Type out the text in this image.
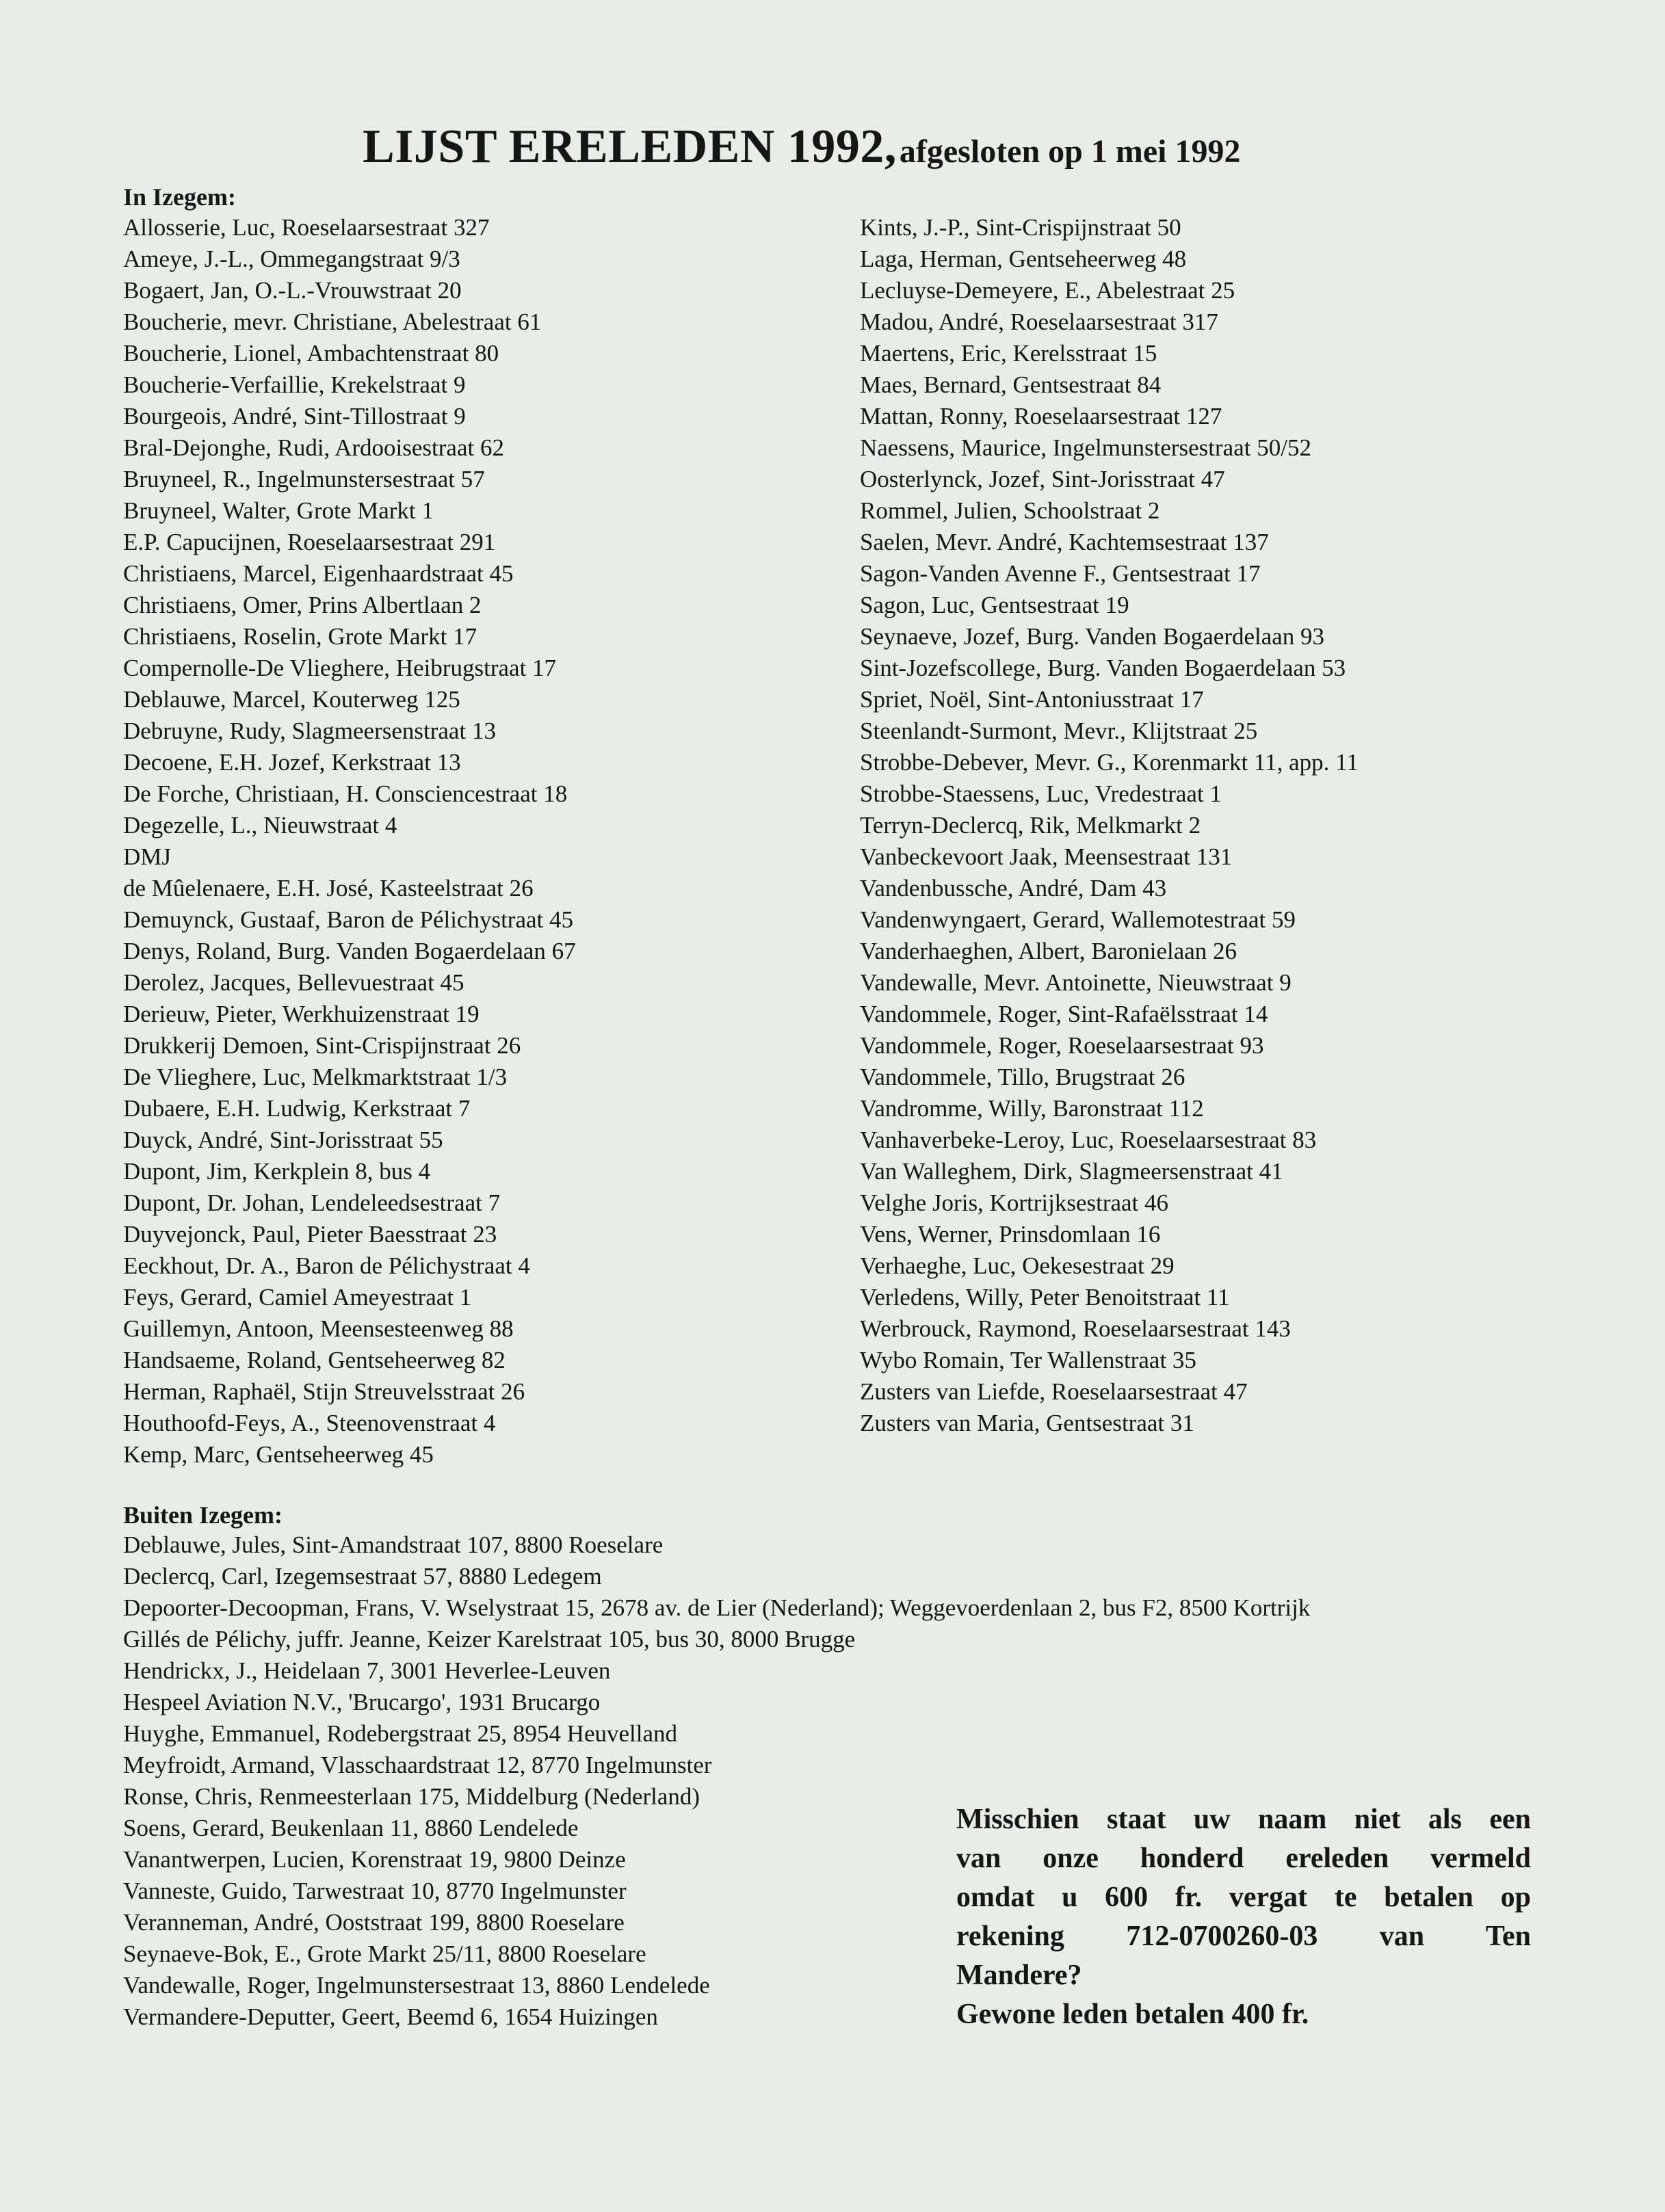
LIJST ERELEDEN 1992, afgesloten op 1 mei 1992
In Izegem:
Allosserie, Luc, Roeselaarsestraat 327
Ameye, J.-L., Ommegangstraat 9/3
Bogaert, Jan, O.-L.-Vrouwstraat 20
Boucherie, mevr. Christiane, Abelestraat 61
Boucherie, Lionel, Ambachtenstraat 80
Boucherie-Verfaillie, Krekelstraat 9
Bourgeois, André, Sint-Tillostraat 9
Bral-Dejonghe, Rudi, Ardooisestraat 62
Bruyneel, R., Ingelmunstersestraat 57
Bruyneel, Walter, Grote Markt 1
E.P. Capucijnen, Roeselaarsestraat 291
Christiaens, Marcel, Eigenhaardstraat 45
Christiaens, Omer, Prins Albertlaan 2
Christiaens, Roselin, Grote Markt 17
Compernolle-De Vlieghere, Heibrugstraat 17
Deblauwe, Marcel, Kouterweg 125
Debruyne, Rudy, Slagmeersenstraat 13
Decoene, E.H. Jozef, Kerkstraat 13
De Forche, Christiaan, H. Consciencestraat 18
Degezelle, L., Nieuwstraat 4
DMJ
de Mûelenaere, E.H. José, Kasteelstraat 26
Demuynck, Gustaaf, Baron de Pélichystraat 45
Denys, Roland, Burg. Vanden Bogaerdelaan 67
Derolez, Jacques, Bellevuestraat 45
Derieuw, Pieter, Werkhuizenstraat 19
Drukkerij Demoen, Sint-Crispijnstraat 26
De Vlieghere, Luc, Melkmarktstraat 1/3
Dubaere, E.H. Ludwig, Kerkstraat 7
Duyck, André, Sint-Jorisstraat 55
Dupont, Jim, Kerkplein 8, bus 4
Dupont, Dr. Johan, Lendeleedsestraat 7
Duyvejonck, Paul, Pieter Baesstraat 23
Eeckhout, Dr. A., Baron de Pélichystraat 4
Feys, Gerard, Camiel Ameyestraat 1
Guillemyn, Antoon, Meensesteenweg 88
Handsaeme, Roland, Gentseheerweg 82
Herman, Raphaël, Stijn Streuvelsstraat 26
Houthoofd-Feys, A., Steenovenstraat 4
Kemp, Marc, Gentseheerweg 45
Kints, J.-P., Sint-Crispijnstraat 50
Laga, Herman, Gentseheerweg 48
Lecluyse-Demeyere, E., Abelestraat 25
Madou, André, Roeselaarsestraat 317
Maertens, Eric, Kerelsstraat 15
Maes, Bernard, Gentsestraat 84
Mattan, Ronny, Roeselaarsestraat 127
Naessens, Maurice, Ingelmunstersestraat 50/52
Oosterlynck, Jozef, Sint-Jorisstraat 47
Rommel, Julien, Schoolstraat 2
Saelen, Mevr. André, Kachtemsestraat 137
Sagon-Vanden Avenne F., Gentsestraat 17
Sagon, Luc, Gentsestraat 19
Seynaeve, Jozef, Burg. Vanden Bogaerdelaan 93
Sint-Jozefscollege, Burg. Vanden Bogaerdelaan 53
Spriet, Noël, Sint-Antoniusstraat 17
Steenlandt-Surmont, Mevr., Klijtstraat 25
Strobbe-Debever, Mevr. G., Korenmarkt 11, app. 11
Strobbe-Staessens, Luc, Vredestraat 1
Terryn-Declercq, Rik, Melkmarkt 2
Vanbeckevoort Jaak, Meensestraat 131
Vandenbussche, André, Dam 43
Vandenwyngaert, Gerard, Wallemotestraat 59
Vanderhaeghen, Albert, Baronielaan 26
Vandewalle, Mevr. Antoinette, Nieuwstraat 9
Vandommele, Roger, Sint-Rafaëlsstraat 14
Vandommele, Roger, Roeselaarsestraat 93
Vandommele, Tillo, Brugstraat 26
Vandromme, Willy, Baronstraat 112
Vanhaverbeke-Leroy, Luc, Roeselaarsestraat 83
Van Walleghem, Dirk, Slagmeersenstraat 41
Velghe Joris, Kortrijksestraat 46
Vens, Werner, Prinsdomlaan 16
Verhaeghe, Luc, Oekesestraat 29
Verledens, Willy, Peter Benoitstraat 11
Werbrouck, Raymond, Roeselaarsestraat 143
Wybo Romain, Ter Wallenstraat 35
Zusters van Liefde, Roeselaarsestraat 47
Zusters van Maria, Gentsestraat 31
Buiten Izegem:
Deblauwe, Jules, Sint-Amandstraat 107, 8800 Roeselare
Declercq, Carl, Izegemsestraat 57, 8880 Ledegem
Depoorter-Decoopman, Frans, V. Wselystraat 15, 2678 av. de Lier (Nederland); Weggevoerdenlaan 2, bus F2, 8500 Kortrijk
Gillés de Pélichy, juffr. Jeanne, Keizer Karelstraat 105, bus 30, 8000 Brugge
Hendrickx, J., Heidelaan 7, 3001 Heverlee-Leuven
Hespeel Aviation N.V., 'Brucargo', 1931 Brucargo
Huyghe, Emmanuel, Rodebergstraat 25, 8954 Heuvelland
Meyfroidt, Armand, Vlasschaardstraat 12, 8770 Ingelmunster
Ronse, Chris, Renmeesterlaan 175, Middelburg (Nederland)
Soens, Gerard, Beukenlaan 11, 8860 Lendelede
Vanantwerpen, Lucien, Korenstraat 19, 9800 Deinze
Vanneste, Guido, Tarwestraat 10, 8770 Ingelmunster
Veranneman, André, Ooststraat 199, 8800 Roeselare
Seynaeve-Bok, E., Grote Markt 25/11, 8800 Roeselare
Vandewalle, Roger, Ingelmunstersestraat 13, 8860 Lendelede
Vermandere-Deputter, Geert, Beemd 6, 1654 Huizingen

Misschien staat uw naam niet als een

van onze honderd ereleden vermeld

omdat u 600 fr. vergat te betalen op

rekening 712-0700260-03 van Ten

Mandere?

Gewone leden betalen 400 fr.
